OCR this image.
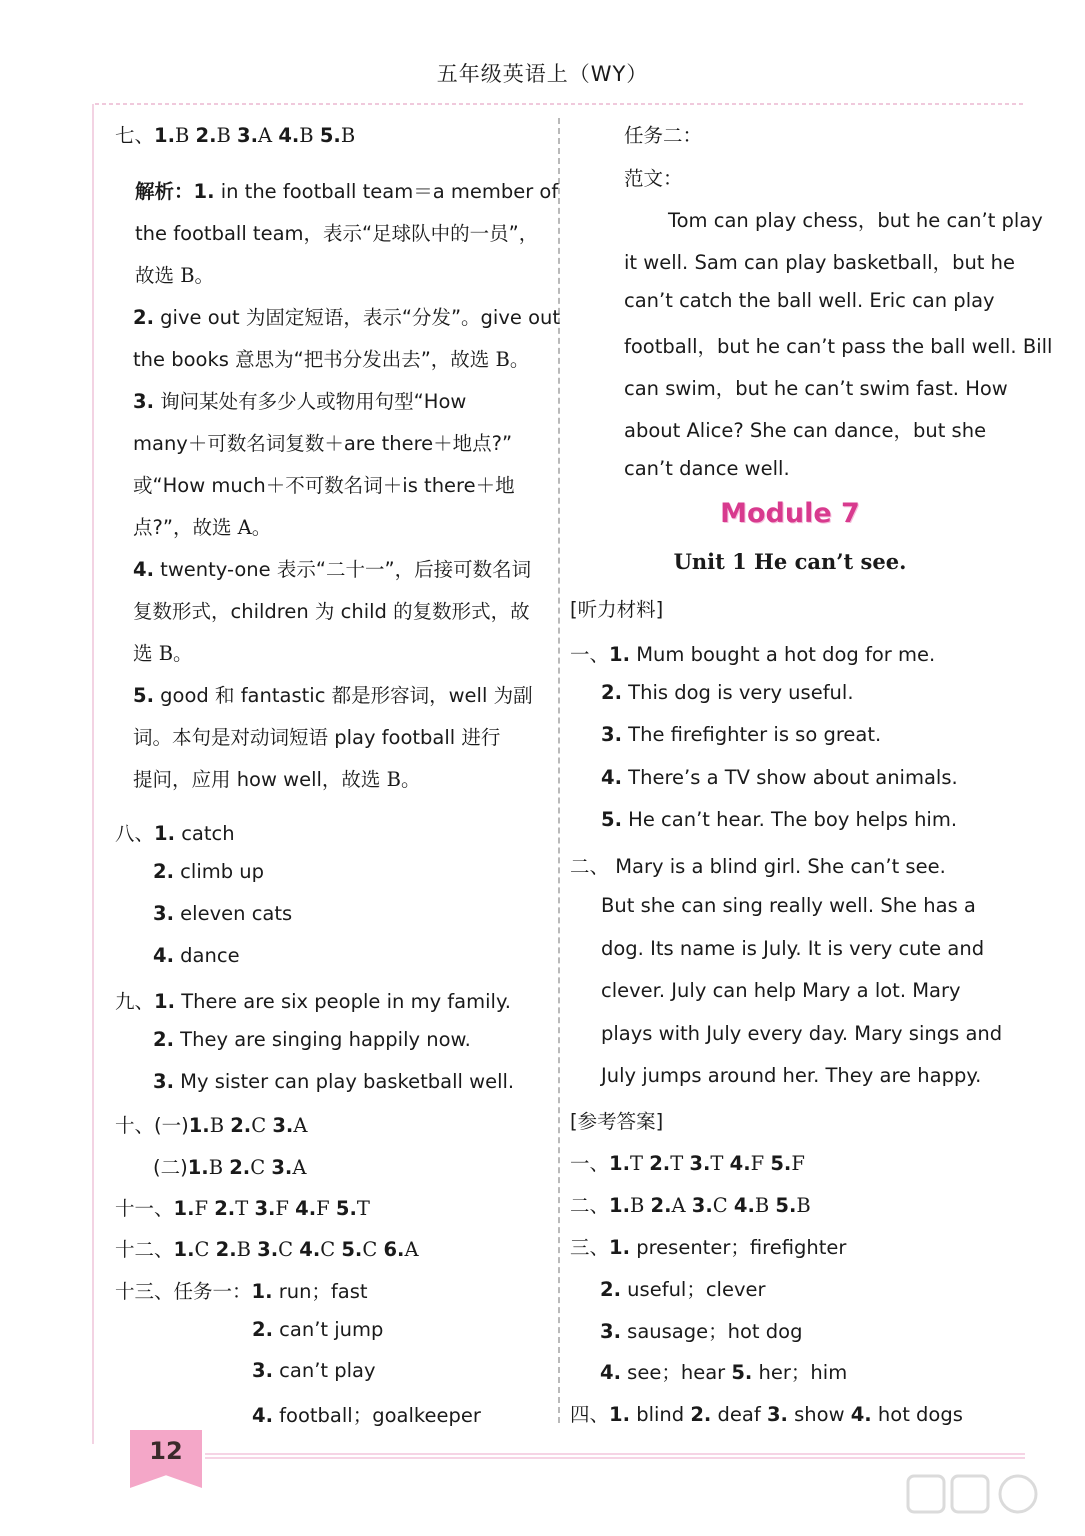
五年级英语上（WY）
七、1.B 2.B 3.A 4.B 5.B
解析：1. in the football team＝a member of
the football team，表示“足球队中的一员”，
故选 B。
2. give out 为固定短语，表示“分发”。give out
the books 意思为“把书分发出去”，故选 B。
3. 询问某处有多少人或物用句型“How
many＋可数名词复数＋are there＋地点?”
或“How much＋不可数名词＋is there＋地
点?”，故选 A。
4. twenty-one 表示“二十一”，后接可数名词
复数形式，children 为 child 的复数形式，故
选 B。
5. good 和 fantastic 都是形容词，well 为副
词。本句是对动词短语 play football 进行
提问，应用 how well，故选 B。
八、1. catch
2. climb up
3. eleven cats
4. dance
九、1. There are six people in my family.
2. They are singing happily now.
3. My sister can play basketball well.
十、(一)1.B 2.C 3.A
(二)1.B 2.C 3.A
十一、1.F 2.T 3.F 4.F 5.T
十二、1.C 2.B 3.C 4.C 5.C 6.A
十三、任务一：1. run；fast
2. can’t jump
3. can’t play
4. football；goalkeeper
Module 7
Unit 1 He can’t see.
[听力材料]
任务二：
范文：
Tom can play chess，but he can’t play
it well. Sam can play basketball，but he
can’t catch the ball well. Eric can play
football，but he can’t pass the ball well. Bill
can swim，but he can’t swim fast. How
about Alice? She can dance，but she
can’t dance well.
一、1. Mum bought a hot dog for me.
2. This dog is very useful.
3. The firefighter is so great.
4. There’s a TV show about animals.
5. He can’t hear. The boy helps him.
二、 Mary is a blind girl. She can’t see.
But she can sing really well. She has a
dog. Its name is July. It is very cute and
clever. July can help Mary a lot. Mary
plays with July every day. Mary sings and
July jumps around her. They are happy.
[参考答案]
一、1.T 2.T 3.T 4.F 5.F
二、1.B 2.A 3.C 4.B 5.B
三、1. presenter；firefighter
2. useful；clever
3. sausage；hot dog
4. see；hear 5. her；him
四、1. blind 2. deaf 3. show 4. hot dogs
12
